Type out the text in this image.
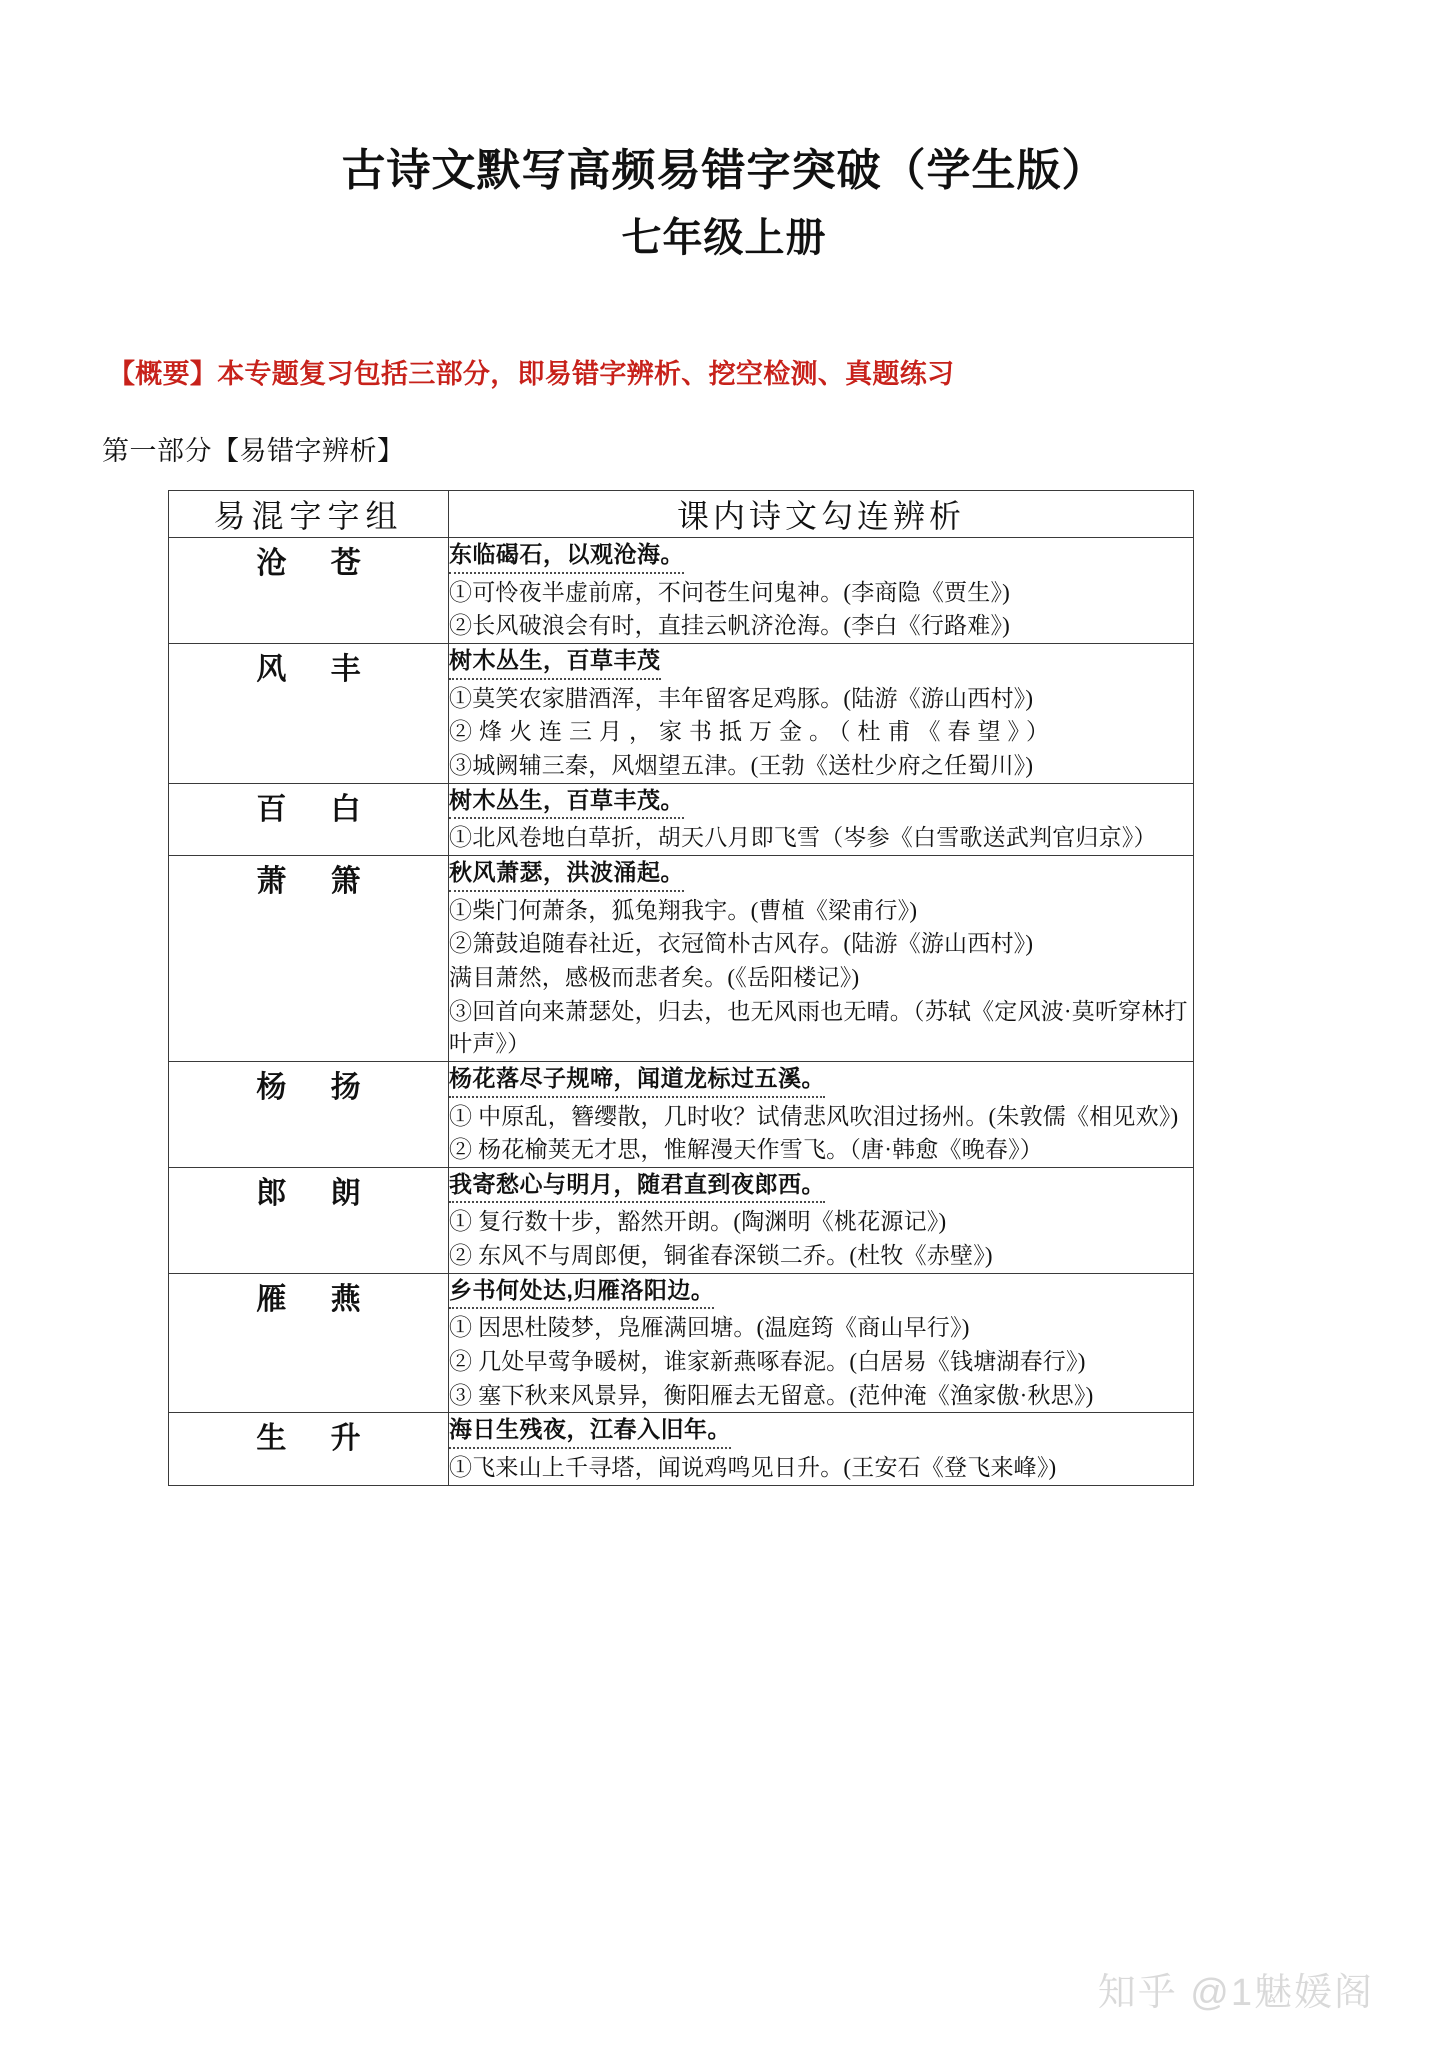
古诗文默写高频易错字突破（学生版）
七年级上册

【概要】本专题复习包括三部分，即易错字辨析、挖空检测、真题练习

第一部分【易错字辨析】

易混字字组	课内诗文勾连辨析
沧 苍	东临碣石，以观沧海。
①可怜夜半虚前席，不问苍生问鬼神。(李商隐《贾生》)
②长风破浪会有时，直挂云帆济沧海。(李白《行路难》)

风 丰	树木丛生，百草丰茂
①莫笑农家腊酒浑，丰年留客足鸡豚。(陆游《游山西村》)
②烽火连三月，家书抵万金。（杜甫《春望》）
③城阙辅三秦，风烟望五津。(王勃《送杜少府之任蜀川》)

百 白	树木丛生，百草丰茂。
①北风卷地白草折，胡天八月即飞雪（岑参《白雪歌送武判官归京》）

萧 箫	秋风萧瑟，洪波涌起。
①柴门何萧条，狐兔翔我宇。(曹植《梁甫行》)
②箫鼓追随春社近，衣冠简朴古风存。(陆游《游山西村》)
满目萧然，感极而悲者矣。(《岳阳楼记》)
③回首向来萧瑟处，归去，也无风雨也无晴。（苏轼《定风波·莫听穿林打叶声》）

杨 扬	杨花落尽子规啼，闻道龙标过五溪。
① 中原乱，簪缨散，几时收？试倩悲风吹泪过扬州。(朱敦儒《相见欢》)
② 杨花榆荚无才思，惟解漫天作雪飞。（唐·韩愈《晚春》）

郎 朗	我寄愁心与明月，随君直到夜郎西。
① 复行数十步，豁然开朗。(陶渊明《桃花源记》)
② 东风不与周郎便，铜雀春深锁二乔。(杜牧《赤壁》)

雁 燕	乡书何处达,归雁洛阳边。
① 因思杜陵梦，凫雁满回塘。(温庭筠《商山早行》)
② 几处早莺争暖树，谁家新燕啄春泥。(白居易《钱塘湖春行》)
③ 塞下秋来风景异，衡阳雁去无留意。(范仲淹《渔家傲·秋思》)

生 升	海日生残夜，江春入旧年。
①飞来山上千寻塔，闻说鸡鸣见日升。(王安石《登飞来峰》)
知乎 @1魅媛阁
